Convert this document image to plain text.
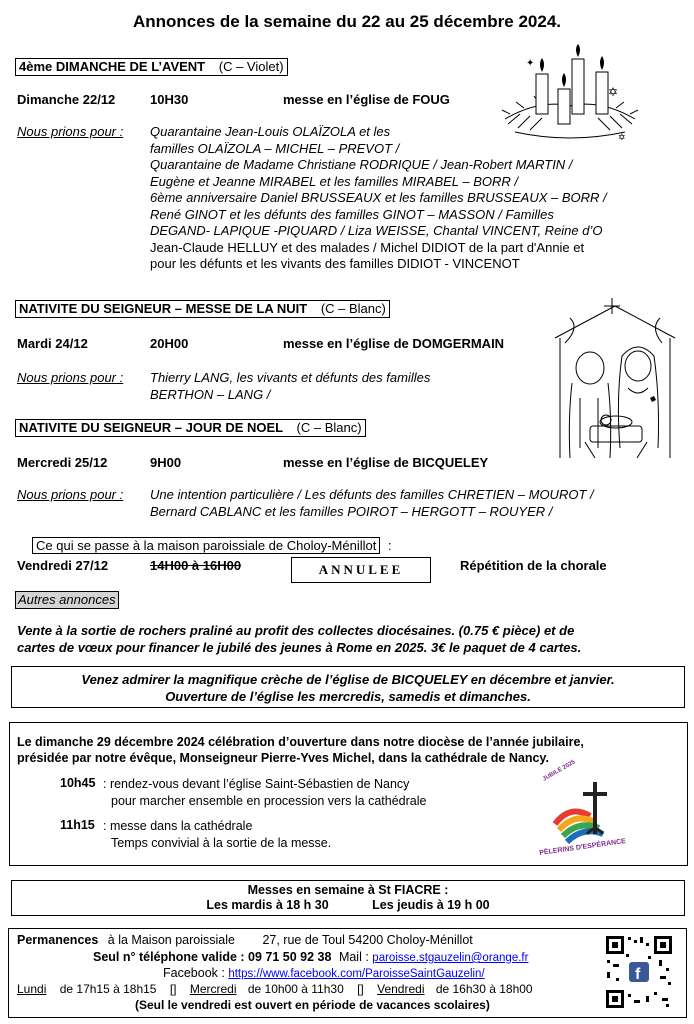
Annonces de la semaine du 22 au 25 décembre 2024.
4ème DIMANCHE DE L’AVENT (C – Violet)
Dimanche 22/12	10H30	messe en l’église de FOUG
Nous prions pour : Quarantaine Jean-Louis OLAÏZOLA et les
familles OLAÏZOLA – MICHEL – PREVOT /
Quarantaine de Madame Christiane RODRIQUE / Jean-Robert MARTIN /
Eugène et Jeanne MIRABEL et les familles MIRABEL – BORR /
6ème anniversaire Daniel BRUSSEAUX et les familles BRUSSEAUX – BORR /
René GINOT et les défunts des familles GINOT – MASSON / Familles
DEGAND- LAPIQUE -PIQUARD / Liza WEISSE, Chantal VINCENT, Reine d’O
Jean-Claude HELLUY et des malades / Michel DIDIOT de la part d'Annie et
pour les défunts et les vivants des familles DIDIOT - VINCENOT
✡
✦
✡
NATIVITE DU SEIGNEUR – MESSE DE LA NUIT (C – Blanc)
Mardi 24/12	20H00	messe en l’église de DOMGERMAIN
Nous prions pour : Thierry LANG, les vivants et défunts des familles
BERTHON – LANG /
NATIVITE DU SEIGNEUR – JOUR DE NOEL (C – Blanc)
Mercredi 25/12	9H00	messe en l’église de BICQUELEY
Nous prions pour : Une intention particulière / Les défunts des familles CHRETIEN – MOUROT /
Bernard CABLANC et les familles POIROT – HERGOTT – ROUYER /
Ce qui se passe à la maison paroissiale de Choloy-Ménillot :
Vendredi 27/12	14H00 à 16H00	ANNULEE	Répétition de la chorale
Autres annonces
Vente à la sortie de rochers praliné au profit des collectes diocésaines. (0.75 € pièce) et de
cartes de vœux pour financer le jubilé des jeunes à Rome en 2025. 3€ le paquet de 4 cartes.
Venez admirer la magnifique crèche de l’église de BICQUELEY en décembre et janvier.
Ouverture de l’église les mercredis, samedis et dimanches.
Le dimanche 29 décembre 2024 célébration d’ouverture dans notre diocèse de l’année jubilaire,
présidée par notre évêque, Monseigneur Pierre-Yves Michel, dans la cathédrale de Nancy.
10h45 : rendez-vous devant l’église Saint-Sébastien de Nancy
pour marcher ensemble en procession vers la cathédrale
11h15 : messe dans la cathédrale
Temps convivial à la sortie de la messe.
JUBILÉ 2025
PÈLERINS D'ESPÉRANCE
Messes en semaine à St FIACRE :
Les mardis à 18 h 30	Les jeudis à 19 h 00
Permanences à la Maison paroissiale 27, rue de Toul 54200 Choloy-Ménillot
Seul n° téléphone valide : 09 71 50 92 38 Mail : paroisse.stgauzelin@orange.fr
Facebook : https://www.facebook.com/ParoisseSaintGauzelin/
Lundi de 17h15 à 18h15 [] Mercredi de 10h00 à 11h30 [] Vendredi de 16h30 à 18h00
(Seul le vendredi est ouvert en période de vacances scolaires)
f
